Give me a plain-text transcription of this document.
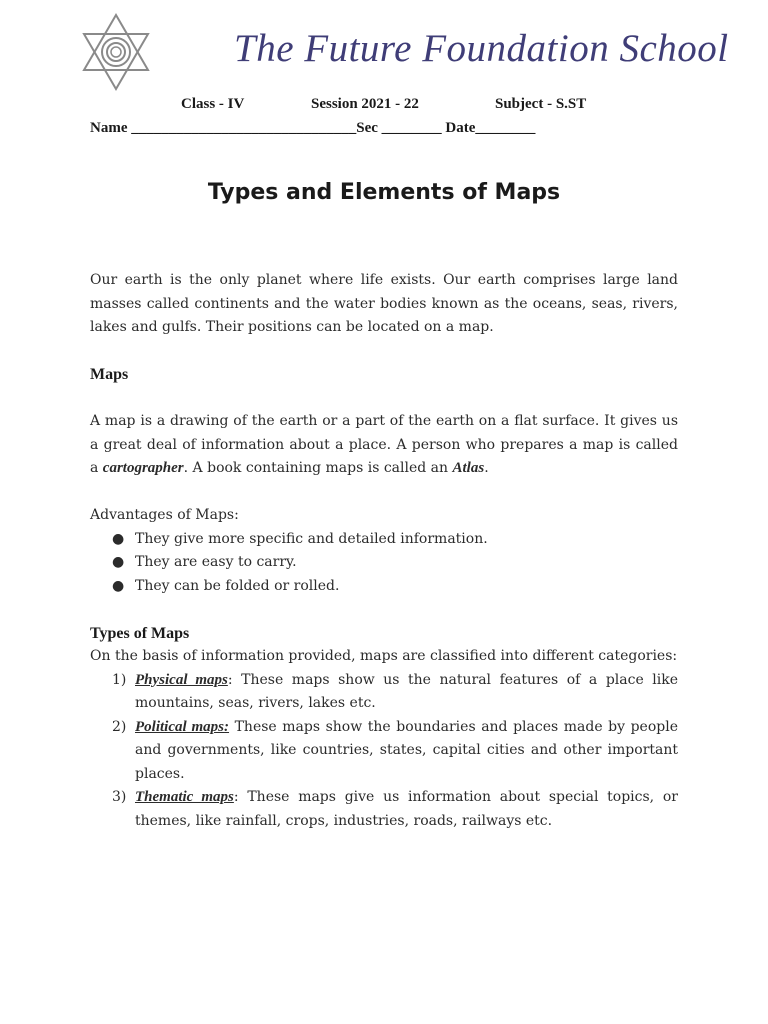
The Future Foundation School
Class - IV	Session 2021 - 22	Subject - S.ST
Name ______________________________Sec ________ Date________
Types and Elements of Maps

Our earth is the only planet where life exists. Our earth comprises large land masses called continents and the water bodies known as the oceans, seas, rivers, lakes and gulfs. Their positions can be located on a map.

Maps

A map is a drawing of the earth or a part of the earth on a flat surface. It gives us a great deal of information about a place. A person who prepares a map is called a cartographer. A book containing maps is called an Atlas.

Advantages of Maps:

● They give more specific and detailed information.
● They are easy to carry.
● They can be folded or rolled.
Types of Maps

On the basis of information provided, maps are classified into different categories:

1) Physical maps: These maps show us the natural features of a place like mountains, seas, rivers, lakes etc.
2) Political maps: These maps show the boundaries and places made by people and governments, like countries, states, capital cities and other important places.
3) Thematic maps: These maps give us information about special topics, or themes, like rainfall, crops, industries, roads, railways etc.
